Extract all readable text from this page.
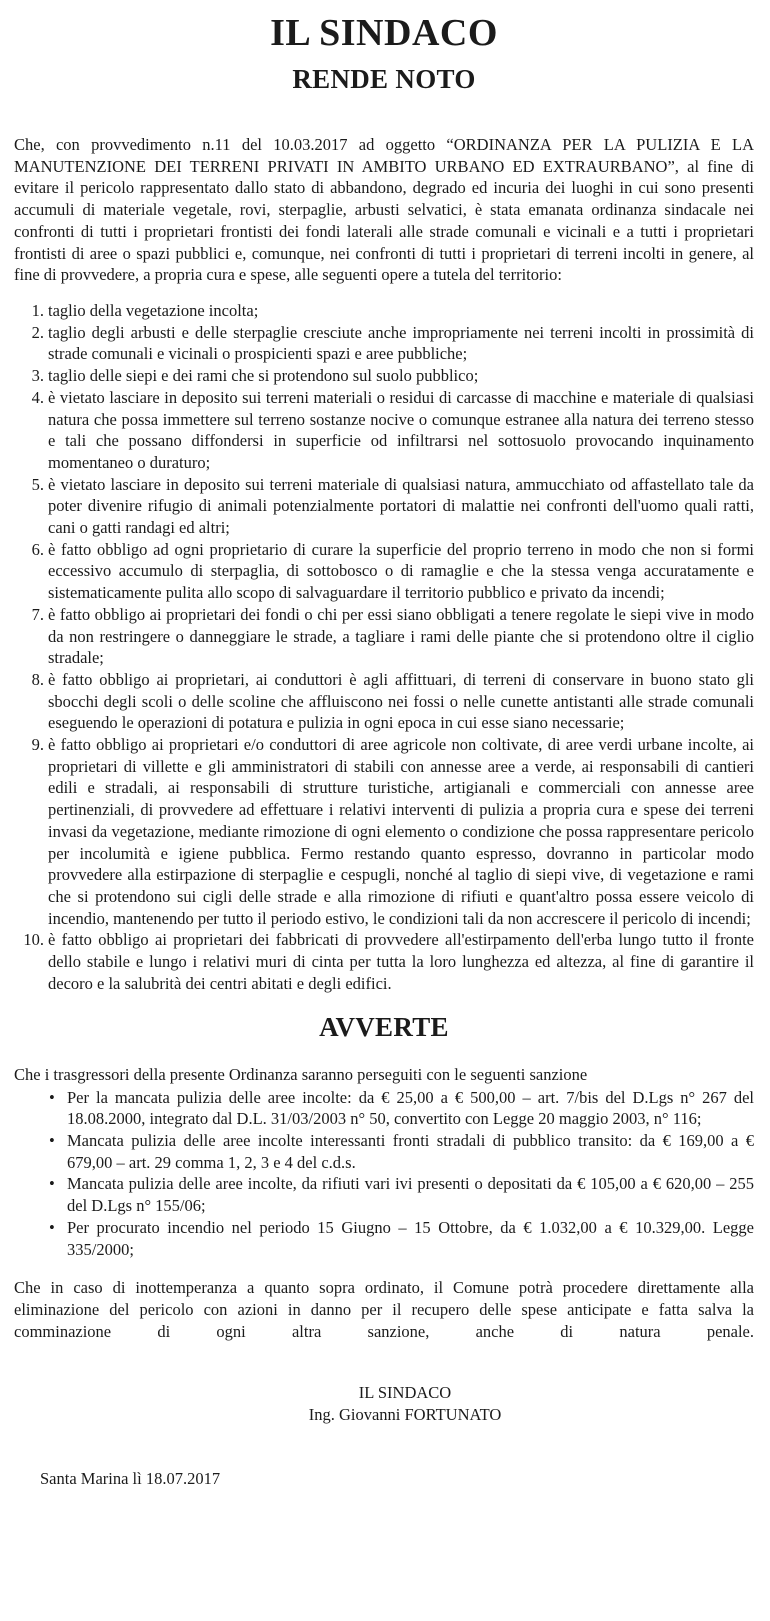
IL SINDACO
RENDE NOTO

Che, con provvedimento n.11 del 10.03.2017 ad oggetto “ORDINANZA PER LA PULIZIA E LA MANUTENZIONE DEI TERRENI PRIVATI IN AMBITO URBANO ED EXTRAURBANO”, al fine di evitare il pericolo rappresentato dallo stato di abbandono, degrado ed incuria dei luoghi in cui sono presenti accumuli di materiale vegetale, rovi, sterpaglie, arbusti selvatici, è stata emanata ordinanza sindacale nei confronti di tutti i proprietari frontisti dei fondi laterali alle strade comunali e vicinali e a tutti i proprietari frontisti di aree o spazi pubblici e, comunque, nei confronti di tutti i proprietari di terreni incolti in genere, al fine di provvedere, a propria cura e spese, alle seguenti opere a tutela del territorio:

1. taglio della vegetazione incolta;
2. taglio degli arbusti e delle sterpaglie cresciute anche impropriamente nei terreni incolti in prossimità di strade comunali e vicinali o prospicienti spazi e aree pubbliche;
3. taglio delle siepi e dei rami che si protendono sul suolo pubblico;
4. è vietato lasciare in deposito sui terreni materiali o residui di carcasse di macchine e materiale di qualsiasi natura che possa immettere sul terreno sostanze nocive o comunque estranee alla natura dei terreno stesso e tali che possano diffondersi in superficie od infiltrarsi nel sottosuolo provocando inquinamento momentaneo o duraturo;
5. è vietato lasciare in deposito sui terreni materiale di qualsiasi natura, ammucchiato od affastellato tale da poter divenire rifugio di animali potenzialmente portatori di malattie nei confronti dell'uomo quali ratti, cani o gatti randagi ed altri;
6. è fatto obbligo ad ogni proprietario di curare la superficie del proprio terreno in modo che non si formi eccessivo accumulo di sterpaglia, di sottobosco o di ramaglie e che la stessa venga accuratamente e sistematicamente pulita allo scopo di salvaguardare il territorio pubblico e privato da incendi;
7. è fatto obbligo ai proprietari dei fondi o chi per essi siano obbligati a tenere regolate le siepi vive in modo da non restringere o danneggiare le strade, a tagliare i rami delle piante che si protendono oltre il ciglio stradale;
8. è fatto obbligo ai proprietari, ai conduttori è agli affittuari, di terreni di conservare in buono stato gli sbocchi degli scoli o delle scoline che affluiscono nei fossi o nelle cunette antistanti alle strade comunali eseguendo le operazioni di potatura e pulizia in ogni epoca in cui esse siano necessarie;
9. è fatto obbligo ai proprietari e/o conduttori di aree agricole non coltivate, di aree verdi urbane incolte, ai proprietari di villette e gli amministratori di stabili con annesse aree a verde, ai responsabili di cantieri edili e stradali, ai responsabili di strutture turistiche, artigianali e commerciali con annesse aree pertinenziali, di provvedere ad effettuare i relativi interventi di pulizia a propria cura e spese dei terreni invasi da vegetazione, mediante rimozione di ogni elemento o condizione che possa rappresentare pericolo per incolumità e igiene pubblica. Fermo restando quanto espresso, dovranno in particolar modo provvedere alla estirpazione di sterpaglie e cespugli, nonché al taglio di siepi vive, di vegetazione e rami che si protendono sui cigli delle strade e alla rimozione di rifiuti e quant'altro possa essere veicolo di incendio, mantenendo per tutto il periodo estivo, le condizioni tali da non accrescere il pericolo di incendi;
10. è fatto obbligo ai proprietari dei fabbricati di provvedere all'estirpamento dell'erba lungo tutto il fronte dello stabile e lungo i relativi muri di cinta per tutta la loro lunghezza ed altezza, al fine di garantire il decoro e la salubrità dei centri abitati e degli edifici.
AVVERTE

Che i trasgressori della presente Ordinanza saranno perseguiti con le seguenti sanzione

• Per la mancata pulizia delle aree incolte: da € 25,00 a € 500,00 – art. 7/bis del D.Lgs n° 267 del 18.08.2000, integrato dal D.L. 31/03/2003 n° 50, convertito con Legge 20 maggio 2003, n° 116;
• Mancata pulizia delle aree incolte interessanti fronti stradali di pubblico transito: da € 169,00 a € 679,00 – art. 29 comma 1, 2, 3 e 4 del c.d.s.
• Mancata pulizia delle aree incolte, da rifiuti vari ivi presenti o depositati da € 105,00 a € 620,00 – 255 del D.Lgs n° 155/06;
• Per procurato incendio nel periodo 15 Giugno – 15 Ottobre, da € 1.032,00 a € 10.329,00. Legge 335/2000;

Che in caso di inottemperanza a quanto sopra ordinato, il Comune potrà procedere direttamente alla eliminazione del pericolo con azioni in danno per il recupero delle spese anticipate e fatta salva la comminazione di ogni altra sanzione, anche di natura penale.

IL SINDACO
Ing. Giovanni FORTUNATO

Santa Marina lì 18.07.2017
